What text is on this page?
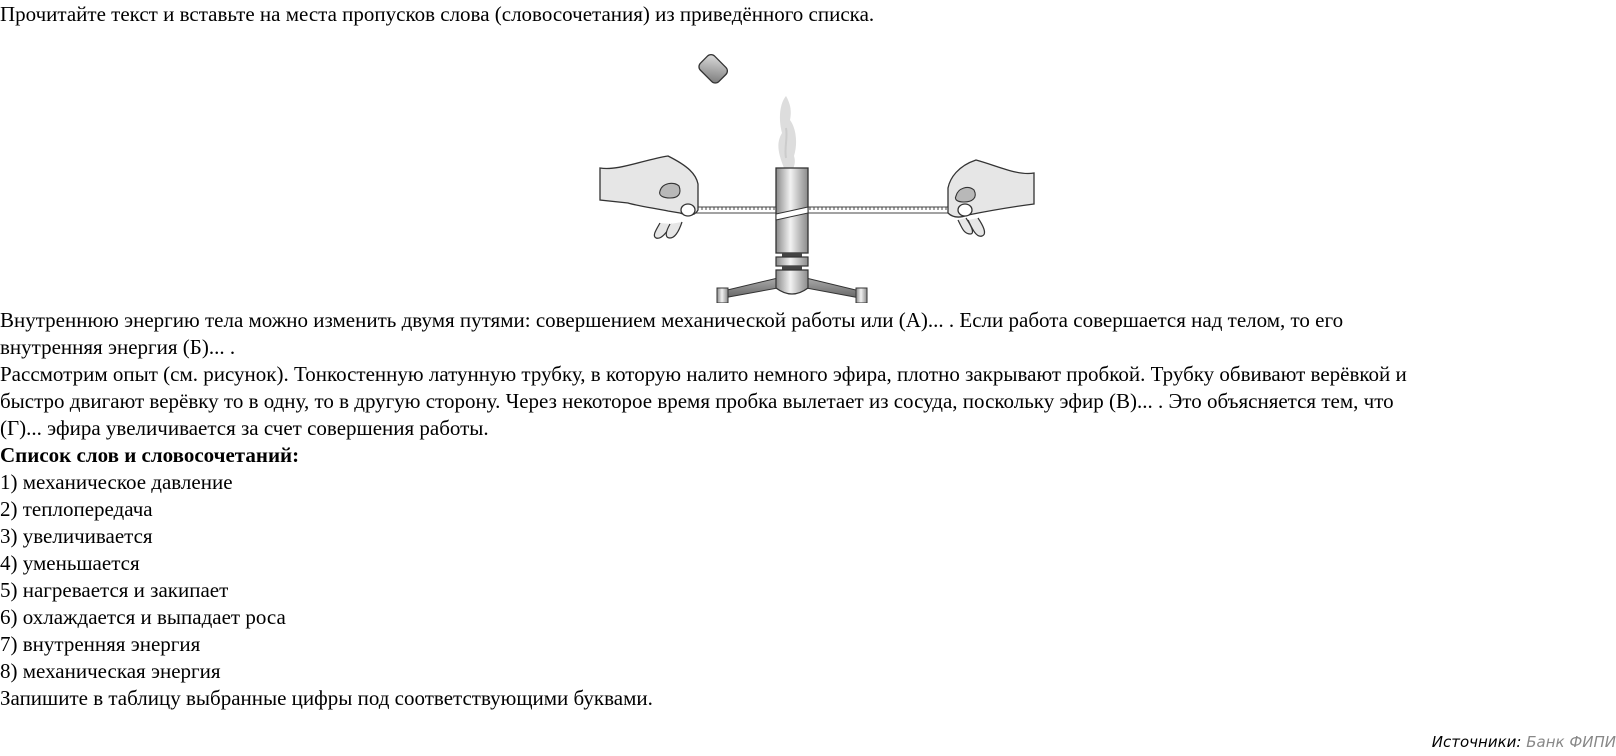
Прочитайте текст и вставьте на места пропусков слова (словосочетания) из приведённого списка.
Внутреннюю энергию тела можно изменить двумя путями: совершением механической работы или (А)... . Если работа совершается над телом, то его
внутренняя энергия (Б)... .
Рассмотрим опыт (см. рисунок). Тонкостенную латунную трубку, в которую налито немного эфира, плотно закрывают пробкой. Трубку обвивают верёвкой и
быстро двигают верёвку то в одну, то в другую сторону. Через некоторое время пробка вылетает из сосуда, поскольку эфир (В)... . Это объясняется тем, что
(Г)... эфира увеличивается за счет совершения работы.
Список слов и словосочетаний:
1) механическое давление
2) теплопередача
3) увеличивается
4) уменьшается
5) нагревается и закипает
6) охлаждается и выпадает роса
7) внутренняя энергия
8) механическая энергия
Запишите в таблицу выбранные цифры под соответствующими буквами.
Источники: Банк ФИПИ
